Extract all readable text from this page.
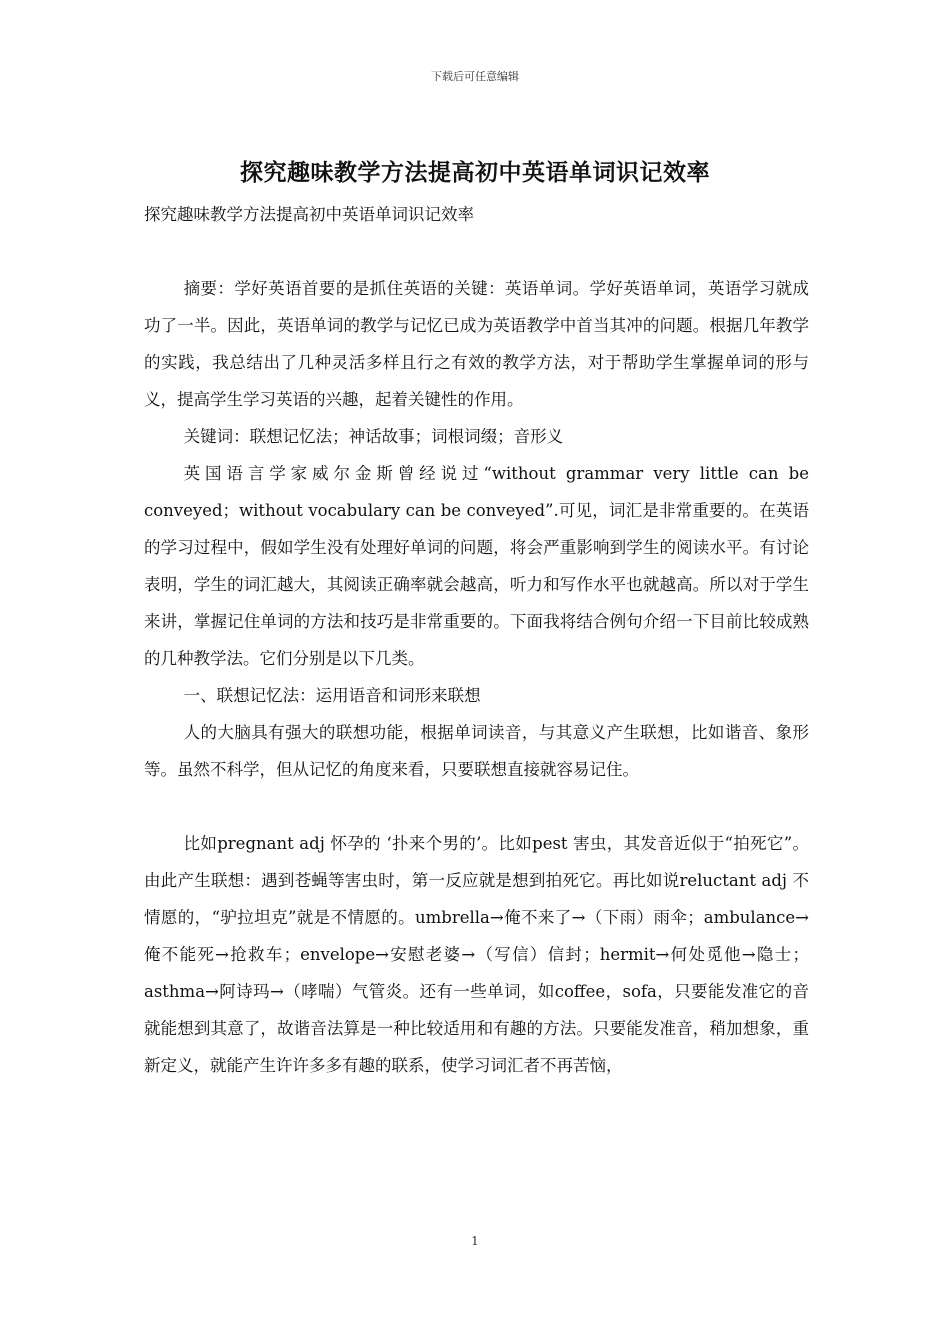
下载后可任意编辑
探究趣味教学方法提高初中英语单词识记效率
探究趣味教学方法提高初中英语单词识记效率

摘要：学好英语首要的是抓住英语的关键：英语单词。学好英语单词，英语学习就成功了一半。因此，英语单词的教学与记忆已成为英语教学中首当其冲的问题。根据几年教学的实践，我总结出了几种灵活多样且行之有效的教学方法，对于帮助学生掌握单词的形与义，提高学生学习英语的兴趣，起着关键性的作用。

关键词：联想记忆法；神话故事；词根词缀；音形义

英国语言学家威尔金斯曾经说过“without grammar very little can be conveyed；without vocabulary can be conveyed”.可见，词汇是非常重要的。在英语的学习过程中，假如学生没有处理好单词的问题，将会严重影响到学生的阅读水平。有讨论表明，学生的词汇越大，其阅读正确率就会越高，听力和写作水平也就越高。所以对于学生来讲，掌握记住单词的方法和技巧是非常重要的。下面我将结合例句介绍一下目前比较成熟的几种教学法。它们分别是以下几类。

一、联想记忆法：运用语音和词形来联想

人的大脑具有强大的联想功能，根据单词读音，与其意义产生联想，比如谐音、象形等。虽然不科学，但从记忆的角度来看，只要联想直接就容易记住。

比如pregnant adj 怀孕的 ‘扑来个男的’。比如pest 害虫，其发音近似于“拍死它”。由此产生联想：遇到苍蝇等害虫时，第一反应就是想到拍死它。再比如说reluctant adj 不情愿的，“驴拉坦克”就是不情愿的。umbrella→俺不来了→（下雨）雨伞；ambulance→俺不能死→抢救车；envelope→安慰老婆→（写信）信封；hermit→何处觅他→隐士；asthma→阿诗玛→（哮喘）气管炎。还有一些单词，如coffee，sofa，只要能发准它的音就能想到其意了，故谐音法算是一种比较适用和有趣的方法。只要能发准音，稍加想象，重新定义，就能产生许许多多有趣的联系，使学习词汇者不再苦恼，

1
